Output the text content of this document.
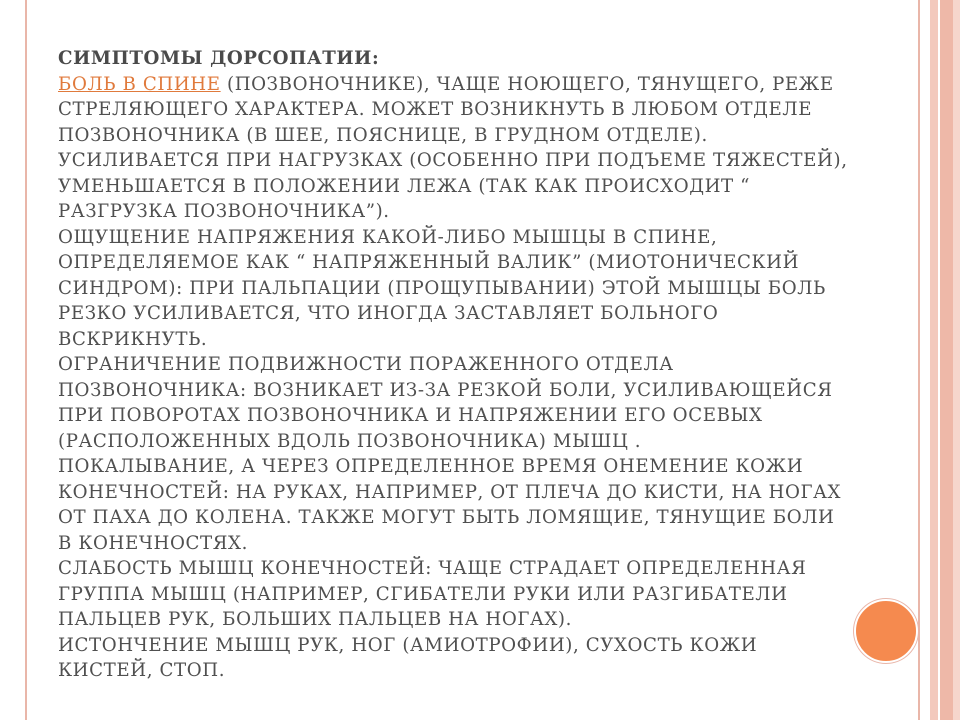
СИМПТОМЫ ДОРСОПАТИИ:
БОЛЬ В СПИНЕ (ПОЗВОНОЧНИКЕ), ЧАЩЕ НОЮЩЕГО, ТЯНУЩЕГО, РЕЖЕ
СТРЕЛЯЮЩЕГО ХАРАКТЕРА. МОЖЕТ ВОЗНИКНУТЬ В ЛЮБОМ ОТДЕЛЕ
ПОЗВОНОЧНИКА (В ШЕЕ, ПОЯСНИЦЕ, В ГРУДНОМ ОТДЕЛЕ).
УСИЛИВАЕТСЯ ПРИ НАГРУЗКАХ (ОСОБЕННО ПРИ ПОДЪЕМЕ ТЯЖЕСТЕЙ),
УМЕНЬШАЕТСЯ В ПОЛОЖЕНИИ ЛЕЖА (ТАК КАК ПРОИСХОДИТ “
РАЗГРУЗКА ПОЗВОНОЧНИКА”).
ОЩУЩЕНИЕ НАПРЯЖЕНИЯ КАКОЙ-ЛИБО МЫШЦЫ В СПИНЕ,
ОПРЕДЕЛЯЕМОЕ КАК “ НАПРЯЖЕННЫЙ ВАЛИК” (МИОТОНИЧЕСКИЙ
СИНДРОМ): ПРИ ПАЛЬПАЦИИ (ПРОЩУПЫВАНИИ) ЭТОЙ МЫШЦЫ БОЛЬ
РЕЗКО УСИЛИВАЕТСЯ, ЧТО ИНОГДА ЗАСТАВЛЯЕТ БОЛЬНОГО
ВСКРИКНУТЬ.
ОГРАНИЧЕНИЕ ПОДВИЖНОСТИ ПОРАЖЕННОГО ОТДЕЛА
ПОЗВОНОЧНИКА: ВОЗНИКАЕТ ИЗ-ЗА РЕЗКОЙ БОЛИ, УСИЛИВАЮЩЕЙСЯ
ПРИ ПОВОРОТАХ ПОЗВОНОЧНИКА И НАПРЯЖЕНИИ ЕГО ОСЕВЫХ
(РАСПОЛОЖЕННЫХ ВДОЛЬ ПОЗВОНОЧНИКА) МЫШЦ .
ПОКАЛЫВАНИЕ, А ЧЕРЕЗ ОПРЕДЕЛЕННОЕ ВРЕМЯ ОНЕМЕНИЕ КОЖИ
КОНЕЧНОСТЕЙ: НА РУКАХ, НАПРИМЕР, ОТ ПЛЕЧА ДО КИСТИ, НА НОГАХ
ОТ ПАХА ДО КОЛЕНА. ТАКЖЕ МОГУТ БЫТЬ ЛОМЯЩИЕ, ТЯНУЩИЕ БОЛИ
В КОНЕЧНОСТЯХ.
СЛАБОСТЬ МЫШЦ КОНЕЧНОСТЕЙ: ЧАЩЕ СТРАДАЕТ ОПРЕДЕЛЕННАЯ
ГРУППА МЫШЦ (НАПРИМЕР, СГИБАТЕЛИ РУКИ ИЛИ РАЗГИБАТЕЛИ
ПАЛЬЦЕВ РУК, БОЛЬШИХ ПАЛЬЦЕВ НА НОГАХ).
ИСТОНЧЕНИЕ МЫШЦ РУК, НОГ (АМИОТРОФИИ), СУХОСТЬ КОЖИ
КИСТЕЙ, СТОП.
